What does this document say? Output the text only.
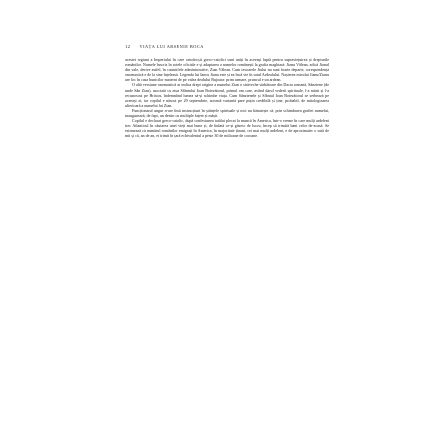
12 VIAȚA LUI ARSENIE BOCA

acestei regiuni a Imperiului în care ortodocșii greco-catolici sunt uniți în aceeași luptă pentru supraviețuirea și drepturile românilor. Numele înscris în actele oficiale e și adaptarea a numelor românești la grafia maghiară: Jianu Vălean, adică Jianul din vale, derive astfel, în catastifele administrative, Zian Vălean. Cum izvoarele Jiului nu sunt foarte departe, corespondența onomastică e de la sine înțeleasă. Legenda lui Iancu Jianu este și ea încă vie în satul Ardealului. Nașterea micului Jianu/Zianu are loc în casa bunicilor materni de pe valea dealului Bujoara: prim urmare, pruncul e un ardean.

O altă versiune onomastică ar indica drept origine a numelui Zian o străveche sărbătoare din Dacia romană, Sânziene (de unde Sân Zian), asociată cu ziua Sfântului Ioan Botezătorul, primul om care, având darul vederii spirituale, l-a mărit și l-a recunoscut pe Hristos, îndemnând lumea să-și schimbe viața. Cum Sânzienele și Sfântul Ioan Botezătorul se serbează pe aceeași zi, iar copilul e născut pe 29 septembrie, această variantă pare puțin credibilă și ține, probabil, de mitologizarea ulterioară a numelui lui Zian.

Funcționarul ungur n-are însă instrucțiuni în științele spirituale și nici nu bănuiește că, prin schimbarea grafiei numelui, inaugurează, de fapt, un destin cu multiple fațete și măști.

Copilul e declarat greco-catolic, după confesiunea tatălui plecat la muncă în America, într-o vreme în care mulți ardeleni trec Atlanticul în căutarea unei vieți mai bune și, de îndată ce-și găsesc de lucru, încep să trimită bani celor de-acasă. Se estimează că numărul românilor emigrați în America, în majoritate țărani, cei mai mulți ardeleni, e de aproximativ o sută de mii și că, an de an, ei trimit în țară echivalentul a peste 30 de milioane de coroane.
